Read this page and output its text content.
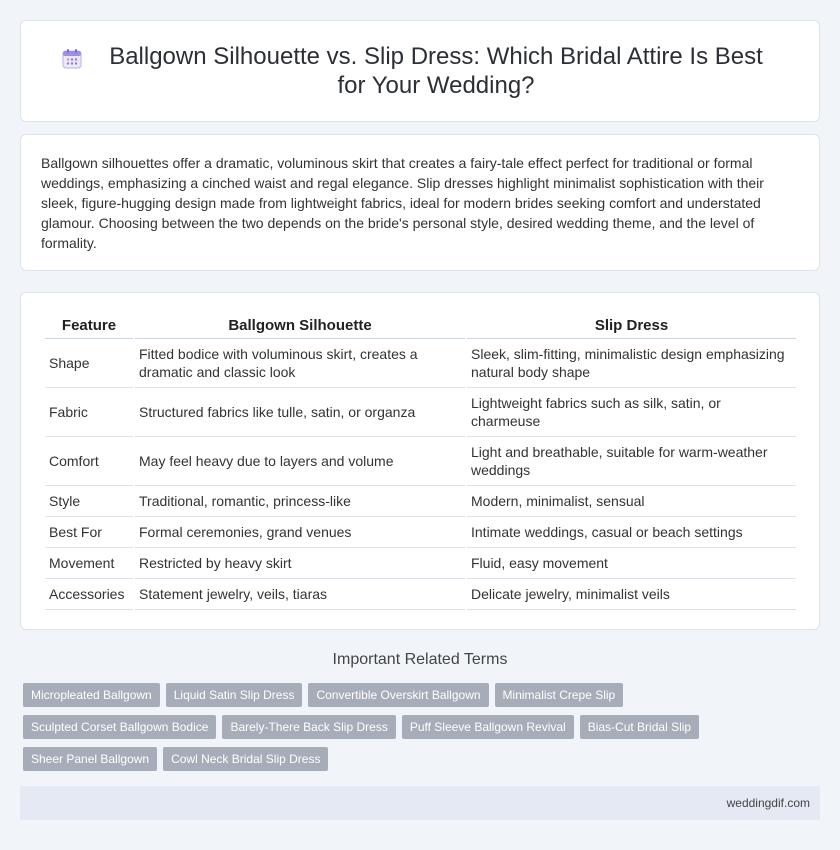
Ballgown Silhouette vs. Slip Dress: Which Bridal Attire Is Best for Your Wedding?

Ballgown silhouettes offer a dramatic, voluminous skirt that creates a fairy-tale effect perfect for traditional or formal weddings, emphasizing a cinched waist and regal elegance. Slip dresses highlight minimalist sophistication with their sleek, figure-hugging design made from lightweight fabrics, ideal for modern brides seeking comfort and understated glamour. Choosing between the two depends on the bride's personal style, desired wedding theme, and the level of formality.

Feature	Ballgown Silhouette	Slip Dress
Shape	Fitted bodice with voluminous skirt, creates a dramatic and classic look	Sleek, slim-fitting, minimalistic design emphasizing natural body shape
Fabric	Structured fabrics like tulle, satin, or organza	Lightweight fabrics such as silk, satin, or charmeuse
Comfort	May feel heavy due to layers and volume	Light and breathable, suitable for warm-weather weddings
Style	Traditional, romantic, princess-like	Modern, minimalist, sensual
Best For	Formal ceremonies, grand venues	Intimate weddings, casual or beach settings
Movement	Restricted by heavy skirt	Fluid, easy movement
Accessories	Statement jewelry, veils, tiaras	Delicate jewelry, minimalist veils
Important Related Terms
Micropleated Ballgown	Liquid Satin Slip Dress	Convertible Overskirt Ballgown	Minimalist Crepe Slip
Sculpted Corset Ballgown Bodice	Barely-There Back Slip Dress	Puff Sleeve Ballgown Revival	Bias-Cut Bridal Slip
Sheer Panel Ballgown	Cowl Neck Bridal Slip Dress
weddingdif.com
